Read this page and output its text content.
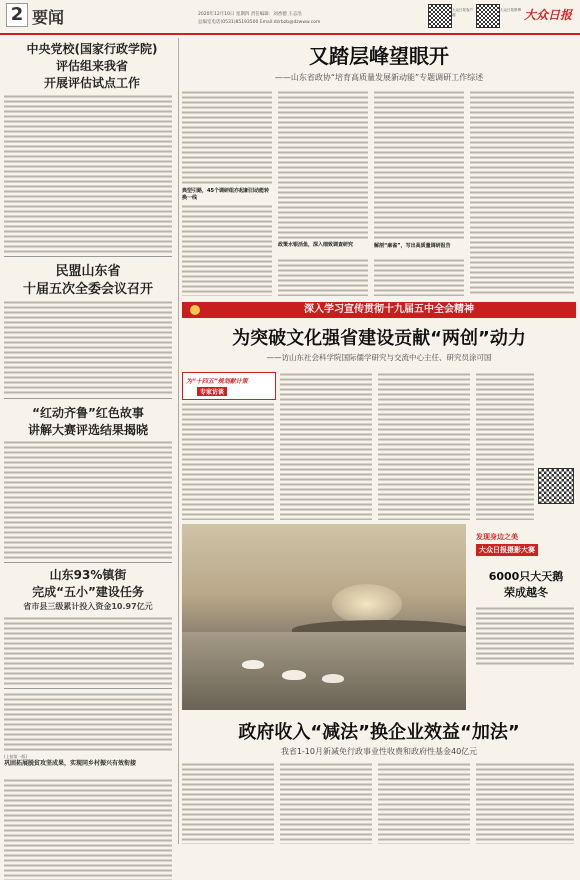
2 要闻	2020年12月10日 星期四 责任编辑：刘香德 王志浩
总编室电话(0531)85193500 Email:dzrbzb@dzwww.com
大众日报客户端
大众日报微博 大众日报
中央党校(国家行政学院)
评估组来我省
开展评估试点工作
民盟山东省
十届五次全委会议召开
“红动齐鲁”红色故事
讲解大赛评选结果揭晓
山东93%镇街
完成“五小”建设任务
省市县三级累计投入资金10.97亿元
(上接第一版)
巩固拓展脱贫攻坚成果，实现同乡村振兴有效衔接
又踏层峰望眼开
——山东省政协“培育高质量发展新动能”专题调研工作综述
典型引路，45个调研组亦起新旧动能转换一线
政策水银活鱼，深入细致调查研究	解剖“麻雀”，写出高质量调研报告
深入学习宣传贯彻十九届五中全会精神
为突破文化强省建设贡献“两创”动力
——访山东社会科学院国际儒学研究与交流中心主任、研究员涂可国
为“十四五”规划献计策
专家访谈
发现身边之美
大众日报摄影大赛
6000只大天鹅
荣成越冬
政府收入“减法”换企业效益“加法”
我省1-10月新减免行政事业性收费和政府性基金40亿元
